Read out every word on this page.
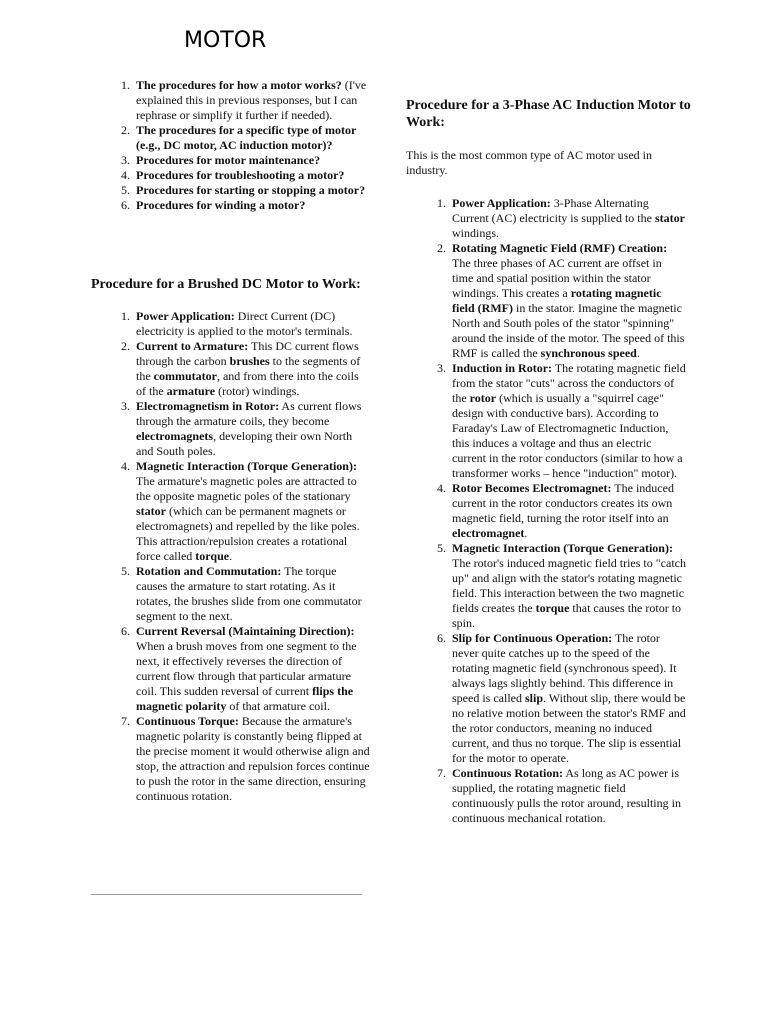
MOTOR
1. The procedures for how a motor works? (I've explained this in previous responses, but I can rephrase or simplify it further if needed).
2. The procedures for a specific type of motor (e.g., DC motor, AC induction motor)?
3. Procedures for motor maintenance?
4. Procedures for troubleshooting a motor?
5. Procedures for starting or stopping a motor?
6. Procedures for winding a motor?
Procedure for a Brushed DC Motor to Work:
1. Power Application: Direct Current (DC) electricity is applied to the motor's terminals.
2. Current to Armature: This DC current flows through the carbon brushes to the segments of the commutator, and from there into the coils of the armature (rotor) windings.
3. Electromagnetism in Rotor: As current flows through the armature coils, they become electromagnets, developing their own North and South poles.
4. Magnetic Interaction (Torque Generation): The armature's magnetic poles are attracted to the opposite magnetic poles of the stationary stator (which can be permanent magnets or electromagnets) and repelled by the like poles. This attraction/repulsion creates a rotational force called torque.
5. Rotation and Commutation: The torque causes the armature to start rotating. As it rotates, the brushes slide from one commutator segment to the next.
6. Current Reversal (Maintaining Direction): When a brush moves from one segment to the next, it effectively reverses the direction of current flow through that particular armature coil. This sudden reversal of current flips the magnetic polarity of that armature coil.
7. Continuous Torque: Because the armature's magnetic polarity is constantly being flipped at the precise moment it would otherwise align and stop, the attraction and repulsion forces continue to push the rotor in the same direction, ensuring continuous rotation.
Procedure for a 3-Phase AC Induction Motor to Work:

This is the most common type of AC motor used in industry.

1. Power Application: 3-Phase Alternating Current (AC) electricity is supplied to the stator windings.
2. Rotating Magnetic Field (RMF) Creation: The three phases of AC current are offset in time and spatial position within the stator windings. This creates a rotating magnetic field (RMF) in the stator. Imagine the magnetic North and South poles of the stator "spinning" around the inside of the motor. The speed of this RMF is called the synchronous speed.
3. Induction in Rotor: The rotating magnetic field from the stator "cuts" across the conductors of the rotor (which is usually a "squirrel cage" design with conductive bars). According to Faraday's Law of Electromagnetic Induction, this induces a voltage and thus an electric current in the rotor conductors (similar to how a transformer works – hence "induction" motor).
4. Rotor Becomes Electromagnet: The induced current in the rotor conductors creates its own magnetic field, turning the rotor itself into an electromagnet.
5. Magnetic Interaction (Torque Generation): The rotor's induced magnetic field tries to "catch up" and align with the stator's rotating magnetic field. This interaction between the two magnetic fields creates the torque that causes the rotor to spin.
6. Slip for Continuous Operation: The rotor never quite catches up to the speed of the rotating magnetic field (synchronous speed). It always lags slightly behind. This difference in speed is called slip. Without slip, there would be no relative motion between the stator's RMF and the rotor conductors, meaning no induced current, and thus no torque. The slip is essential for the motor to operate.
7. Continuous Rotation: As long as AC power is supplied, the rotating magnetic field continuously pulls the rotor around, resulting in continuous mechanical rotation.
